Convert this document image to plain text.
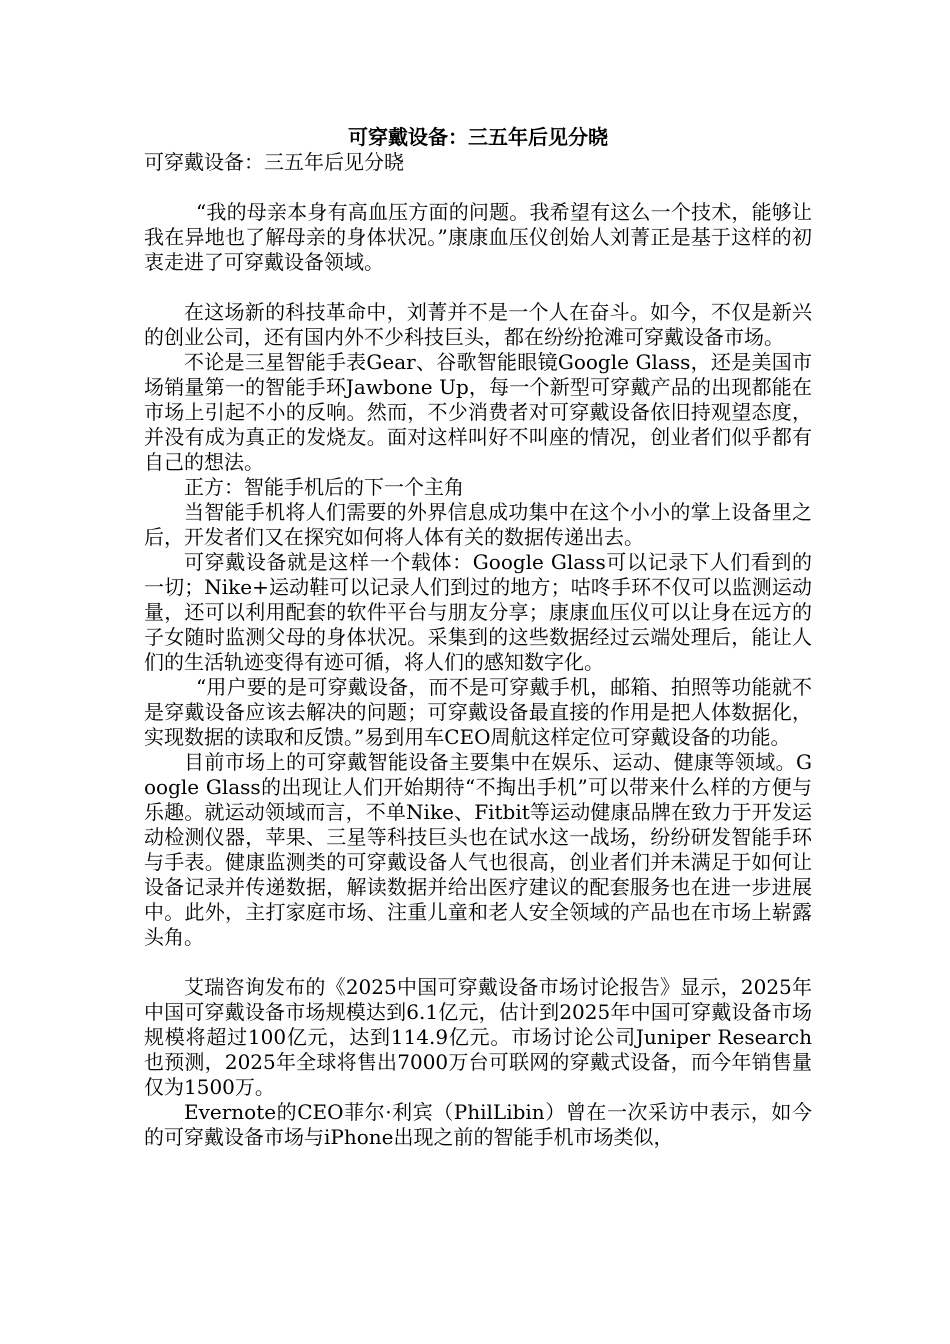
可穿戴设备：三五年后见分晓

可穿戴设备：三五年后见分晓

“我的母亲本身有高血压方面的问题。我希望有这么一个技术，能够让我在异地也了解母亲的身体状况。”康康血压仪创始人刘菁正是基于这样的初衷走进了可穿戴设备领域。

在这场新的科技革命中，刘菁并不是一个人在奋斗。如今，不仅是新兴的创业公司，还有国内外不少科技巨头，都在纷纷抢滩可穿戴设备市场。

不论是三星智能手表Gear、谷歌智能眼镜Google Glass，还是美国市场销量第一的智能手环Jawbone Up，每一个新型可穿戴产品的出现都能在市场上引起不小的反响。然而，不少消费者对可穿戴设备依旧持观望态度，并没有成为真正的发烧友。面对这样叫好不叫座的情况，创业者们似乎都有自己的想法。

正方：智能手机后的下一个主角

当智能手机将人们需要的外界信息成功集中在这个小小的掌上设备里之后，开发者们又在探究如何将人体有关的数据传递出去。

可穿戴设备就是这样一个载体：Google Glass可以记录下人们看到的一切；Nike+运动鞋可以记录人们到过的地方；咕咚手环不仅可以监测运动量，还可以利用配套的软件平台与朋友分享；康康血压仪可以让身在远方的子女随时监测父母的身体状况。采集到的这些数据经过云端处理后，能让人们的生活轨迹变得有迹可循，将人们的感知数字化。

“用户要的是可穿戴设备，而不是可穿戴手机，邮箱、拍照等功能就不是穿戴设备应该去解决的问题；可穿戴设备最直接的作用是把人体数据化，实现数据的读取和反馈。”易到用车CEO周航这样定位可穿戴设备的功能。

目前市场上的可穿戴智能设备主要集中在娱乐、运动、健康等领域。Google Glass的出现让人们开始期待“不掏出手机”可以带来什么样的方便与乐趣。就运动领域而言，不单Nike、Fitbit等运动健康品牌在致力于开发运动检测仪器，苹果、三星等科技巨头也在试水这一战场，纷纷研发智能手环与手表。健康监测类的可穿戴设备人气也很高，创业者们并未满足于如何让设备记录并传递数据，解读数据并给出医疗建议的配套服务也在进一步进展中。此外，主打家庭市场、注重儿童和老人安全领域的产品也在市场上崭露头角。

艾瑞咨询发布的《2025中国可穿戴设备市场讨论报告》显示，2025年中国可穿戴设备市场规模达到6.1亿元，估计到2025年中国可穿戴设备市场规模将超过100亿元，达到114.9亿元。市场讨论公司Juniper Research也预测，2025年全球将售出7000万台可联网的穿戴式设备，而今年销售量仅为1500万。

Evernote的CEO菲尔·利宾（PhilLibin）曾在一次采访中表示，如今的可穿戴设备市场与iPhone出现之前的智能手机市场类似，
